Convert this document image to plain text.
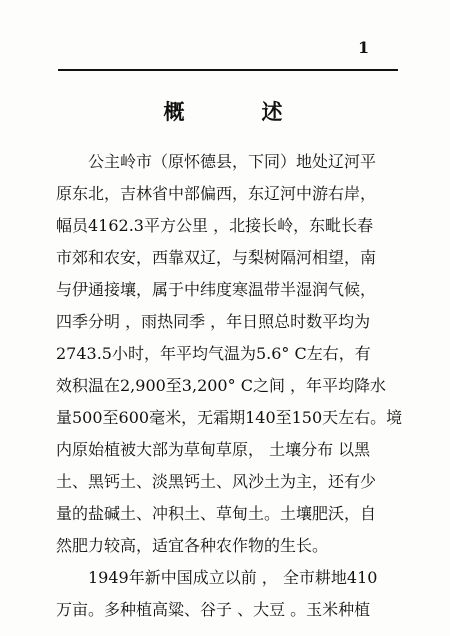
1
概　述
　　公主岭市（原怀德县，下同）地处辽河平
原东北，吉林省中部偏西，东辽河中游右岸，
幅员4162.3平方公里 ，北接长岭，东毗长春
市郊和农安，西靠双辽，与梨树隔河相望，南
与伊通接壤，属于中纬度寒温带半湿润气候，
四季分明 ，雨热同季 ，年日照总时数平均为
2743.5小时，年平均气温为5.6° C左右，有
效积温在2,900至3,200° C之间 ，年平均降水
量500至600毫米，无霜期140至150天左右。境
内原始植被大部为草甸草原， 土壤分布 以黑
土、黑钙土、淡黑钙土、风沙土为主，还有少
量的盐碱土、冲积土、草甸土。土壤肥沃，自
然肥力较高，适宜各种农作物的生长。
　　1949年新中国成立以前 ， 全市耕地410
万亩。多种植高粱、谷子 、大豆 。玉米种植
